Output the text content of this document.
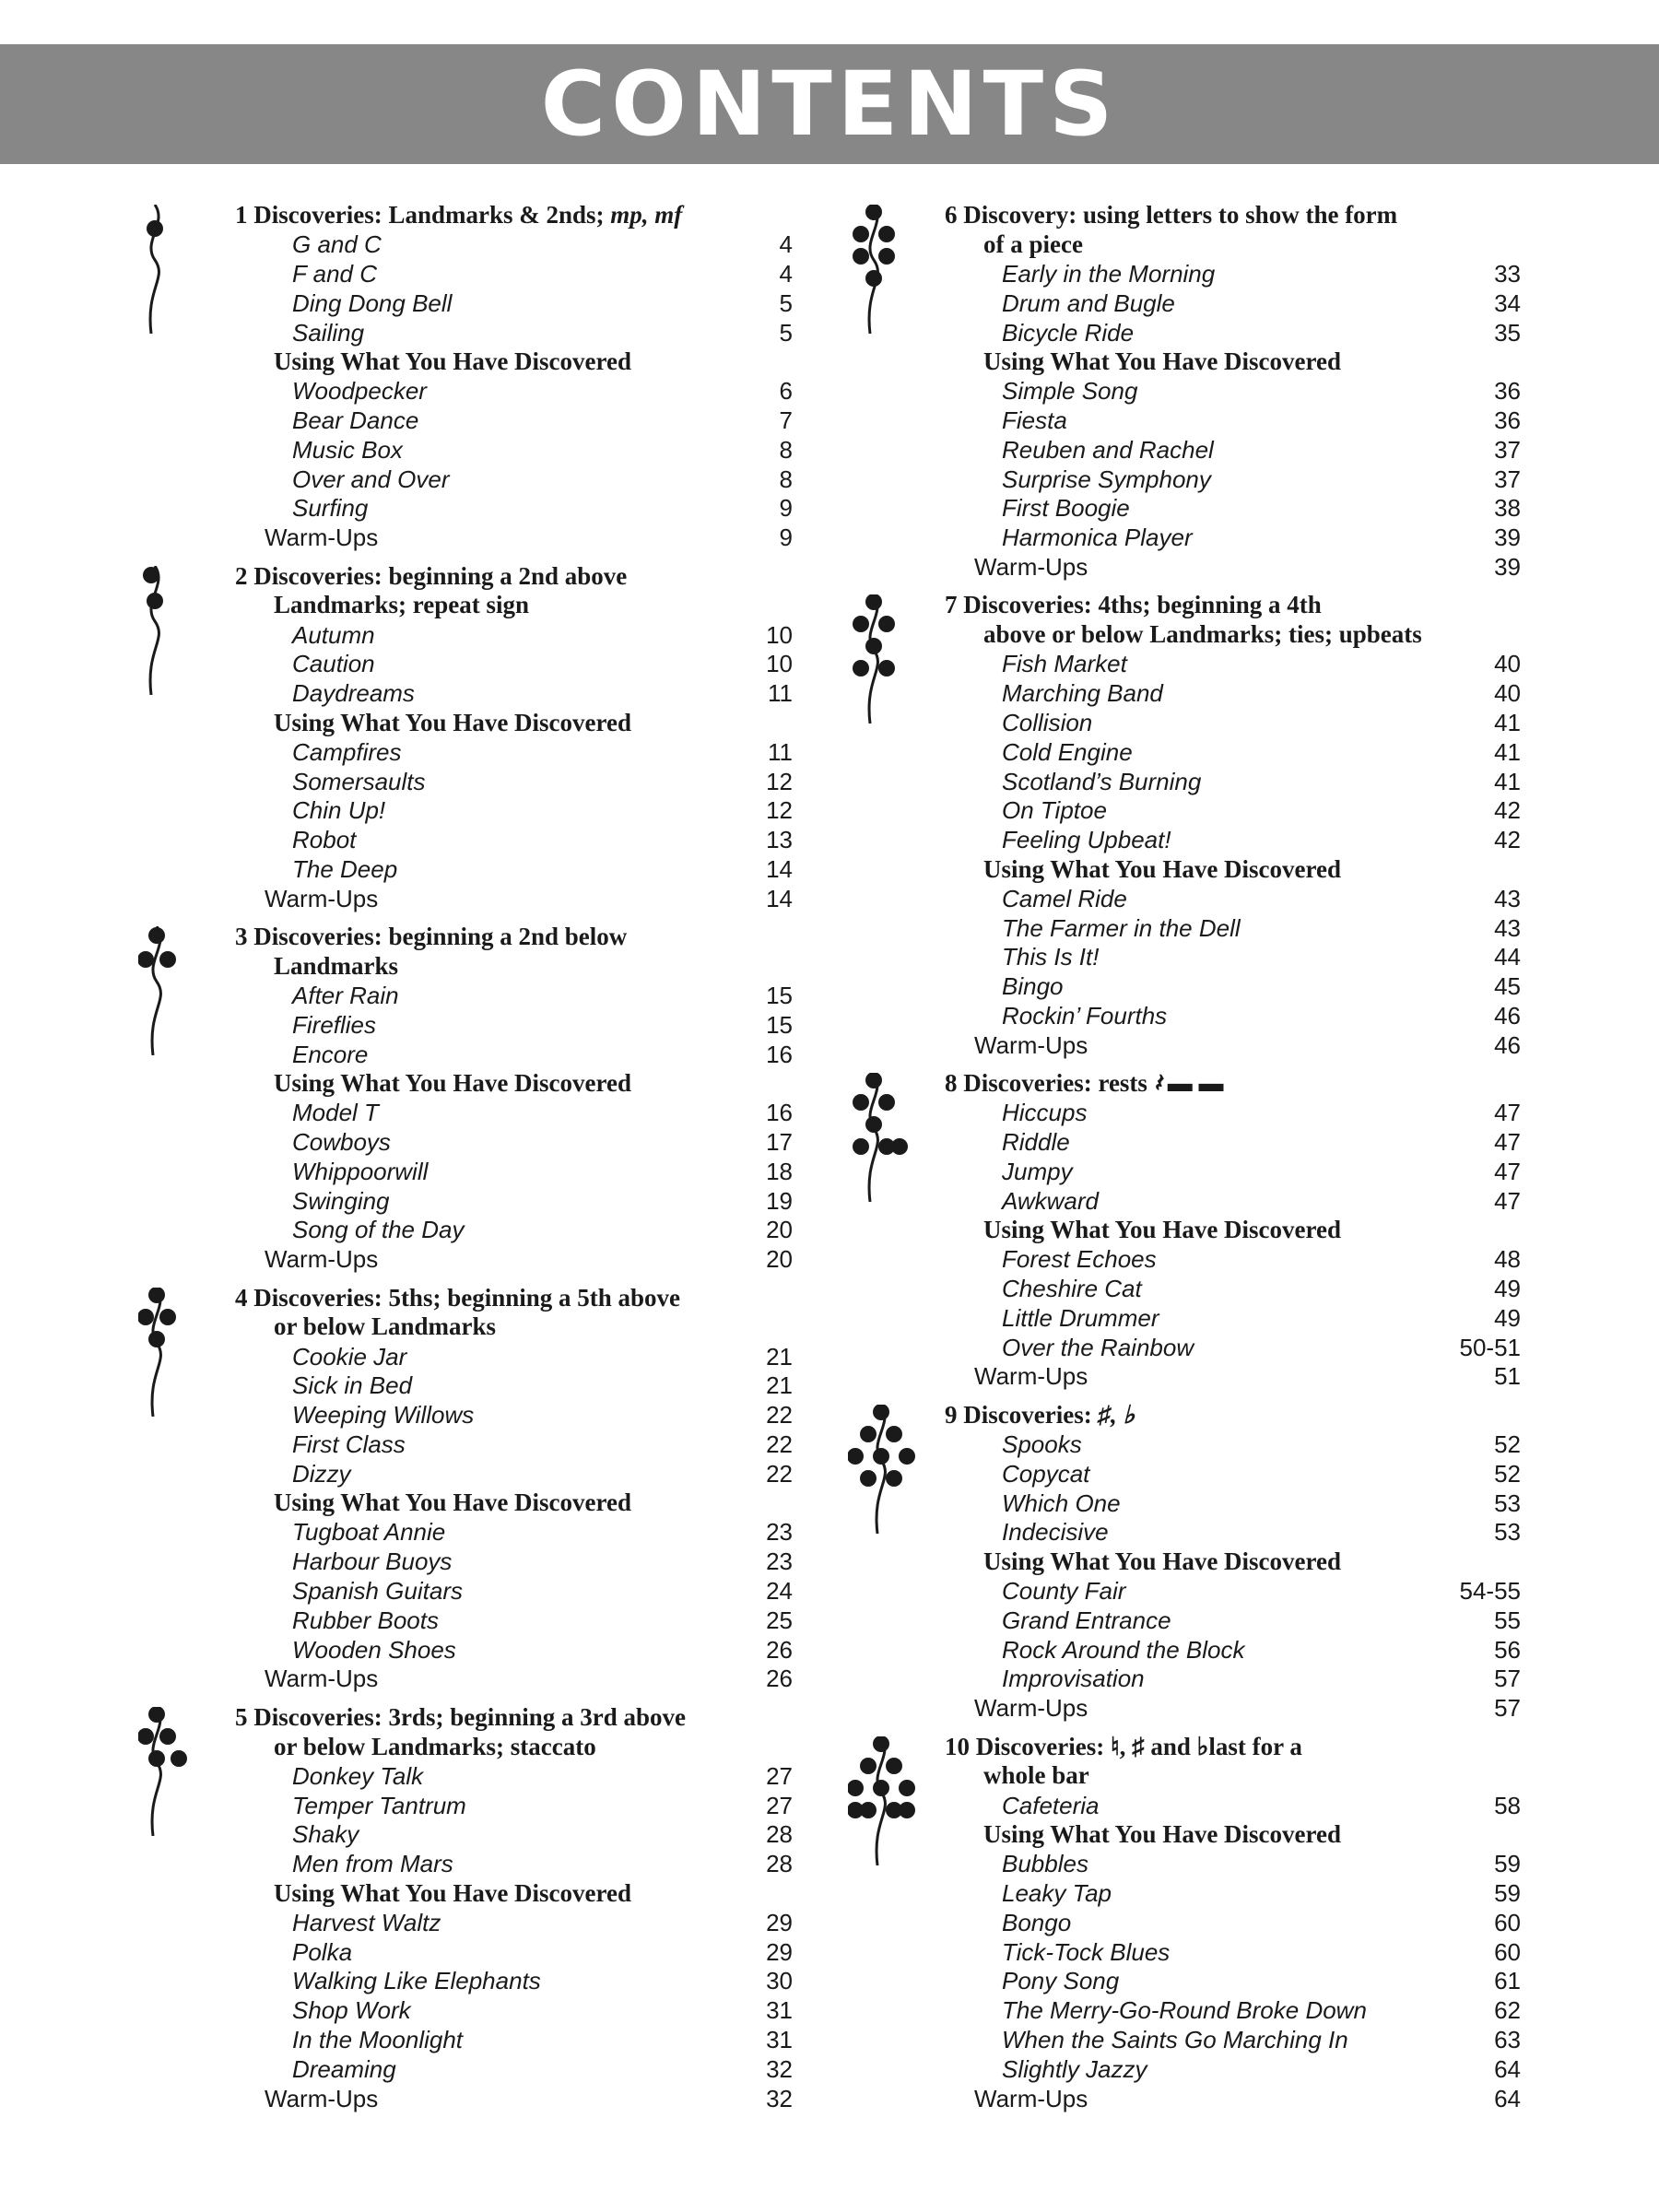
CONTENTS
1 Discoveries: Landmarks & 2nds; mp, mf
G and C	4
F and C	4
Ding Dong Bell	5
Sailing	5
Using What You Have Discovered
Woodpecker	6
Bear Dance	7
Music Box	8
Over and Over	8
Surfing	9
Warm-Ups	9
2 Discoveries: beginning a 2nd above
Landmarks; repeat sign
Autumn	10
Caution	10
Daydreams	11
Using What You Have Discovered
Campfires	11
Somersaults	12
Chin Up!	12
Robot	13
The Deep	14
Warm-Ups	14
3 Discoveries: beginning a 2nd below
Landmarks
After Rain	15
Fireflies	15
Encore	16
Using What You Have Discovered
Model T	16
Cowboys	17
Whippoorwill	18
Swinging	19
Song of the Day	20
Warm-Ups	20
4 Discoveries: 5ths; beginning a 5th above
or below Landmarks
Cookie Jar	21
Sick in Bed	21
Weeping Willows	22
First Class	22
Dizzy	22
Using What You Have Discovered
Tugboat Annie	23
Harbour Buoys	23
Spanish Guitars	24
Rubber Boots	25
Wooden Shoes	26
Warm-Ups	26
5 Discoveries: 3rds; beginning a 3rd above
or below Landmarks; staccato
Donkey Talk	27
Temper Tantrum	27
Shaky	28
Men from Mars	28
Using What You Have Discovered
Harvest Waltz	29
Polka	29
Walking Like Elephants	30
Shop Work	31
In the Moonlight	31
Dreaming	32
Warm-Ups	32
6 Discovery: using letters to show the form
of a piece
Early in the Morning	33
Drum and Bugle	34
Bicycle Ride	35
Using What You Have Discovered
Simple Song	36
Fiesta	36
Reuben and Rachel	37
Surprise Symphony	37
First Boogie	38
Harmonica Player	39
Warm-Ups	39
7 Discoveries: 4ths; beginning a 4th
above or below Landmarks; ties; upbeats
Fish Market	40
Marching Band	40
Collision	41
Cold Engine	41
Scotland’s Burning	41
On Tiptoe	42
Feeling Upbeat!	42
Using What You Have Discovered
Camel Ride	43
The Farmer in the Dell	43
This Is It!	44
Bingo	45
Rockin’ Fourths	46
Warm-Ups	46
8 Discoveries: rests 𝄽 ▬ ▬
Hiccups	47
Riddle	47
Jumpy	47
Awkward	47
Using What You Have Discovered
Forest Echoes	48
Cheshire Cat	49
Little Drummer	49
Over the Rainbow	50-51
Warm-Ups	51
9 Discoveries: ♯, ♭
Spooks	52
Copycat	52
Which One	53
Indecisive	53
Using What You Have Discovered
County Fair	54-55
Grand Entrance	55
Rock Around the Block	56
Improvisation	57
Warm-Ups	57
10 Discoveries: ♮, ♯ and ♭last for a
whole bar
Cafeteria	58
Using What You Have Discovered
Bubbles	59
Leaky Tap	59
Bongo	60
Tick-Tock Blues	60
Pony Song	61
The Merry-Go-Round Broke Down	62
When the Saints Go Marching In	63
Slightly Jazzy	64
Warm-Ups	64
